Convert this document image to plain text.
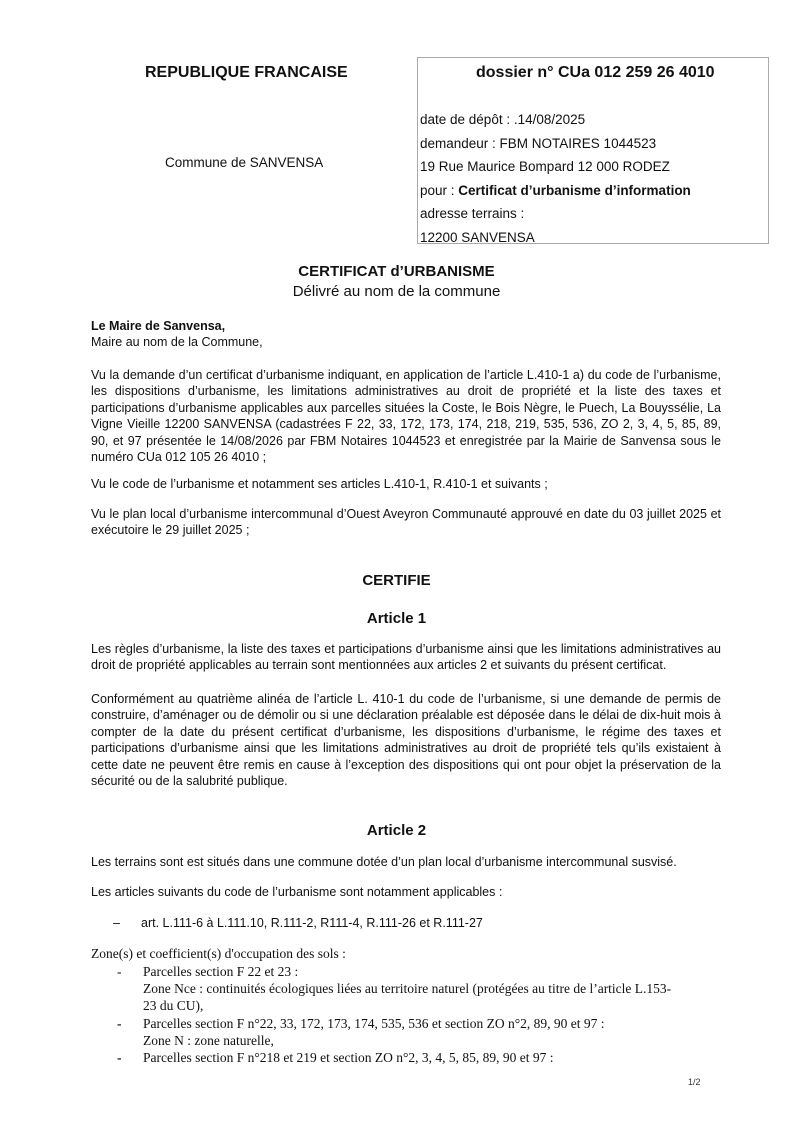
REPUBLIQUE FRANCAISE
Commune de SANVENSA
dossier n° CUa 012 259 26 4010
date de dépôt : .14/08/2025
demandeur : FBM NOTAIRES 1044523
19 Rue Maurice Bompard 12 000 RODEZ
pour : Certificat d’urbanisme d’information
adresse terrains :
12200 SANVENSA
CERTIFICAT d’URBANISME
Délivré au nom de la commune
Le Maire de Sanvensa,
Maire au nom de la Commune,
Vu la demande d’un certificat d’urbanisme indiquant, en application de l’article L.410-1 a) du code de l’urbanisme, les dispositions d’urbanisme, les limitations administratives au droit de propriété et la liste des taxes et participations d’urbanisme applicables aux parcelles situées la Coste, le Bois Nègre, le Puech, La Bouyssélie, La Vigne Vieille 12200 SANVENSA (cadastrées F 22, 33, 172, 173, 174, 218, 219, 535, 536, ZO 2, 3, 4, 5, 85, 89, 90, et 97 présentée le 14/08/2026 par FBM Notaires 1044523 et enregistrée par la Mairie de Sanvensa sous le numéro CUa 012 105 26 4010 ;
Vu le code de l’urbanisme et notamment ses articles L.410-1, R.410-1 et suivants ;
Vu le plan local d’urbanisme intercommunal d’Ouest Aveyron Communauté approuvé en date du 03 juillet 2025 et exécutoire le 29 juillet 2025 ;
CERTIFIE
Article 1
Les règles d’urbanisme, la liste des taxes et participations d’urbanisme ainsi que les limitations administratives au droit de propriété applicables au terrain sont mentionnées aux articles 2 et suivants du présent certificat.
Conformément au quatrième alinéa de l’article L. 410-1 du code de l’urbanisme, si une demande de permis de construire, d’aménager ou de démolir ou si une déclaration préalable est déposée dans le délai de dix-huit mois à compter de la date du présent certificat d’urbanisme, les dispositions d’urbanisme, le régime des taxes et participations d’urbanisme ainsi que les limitations administratives au droit de propriété tels qu’ils existaient à cette date ne peuvent être remis en cause à l’exception des dispositions qui ont pour objet la préservation de la sécurité ou de la salubrité publique.
Article 2
Les terrains sont est situés dans une commune dotée d’un plan local d’urbanisme intercommunal susvisé.
Les articles suivants du code de l’urbanisme sont notamment applicables :
– art. L.111-6 à L.111.10, R.111-2, R111-4, R.111-26 et R.111-27
Zone(s) et coefficient(s) d'occupation des sols :
- Parcelles section F 22 et 23 :
Zone Nce : continuités écologiques liées au territoire naturel (protégées au titre de l’article L.153-
23 du CU),
- Parcelles section F n°22, 33, 172, 173, 174, 535, 536 et section ZO n°2, 89, 90 et 97 :
Zone N : zone naturelle,
- Parcelles section F n°218 et 219 et section ZO n°2, 3, 4, 5, 85, 89, 90 et 97 :
1/2
